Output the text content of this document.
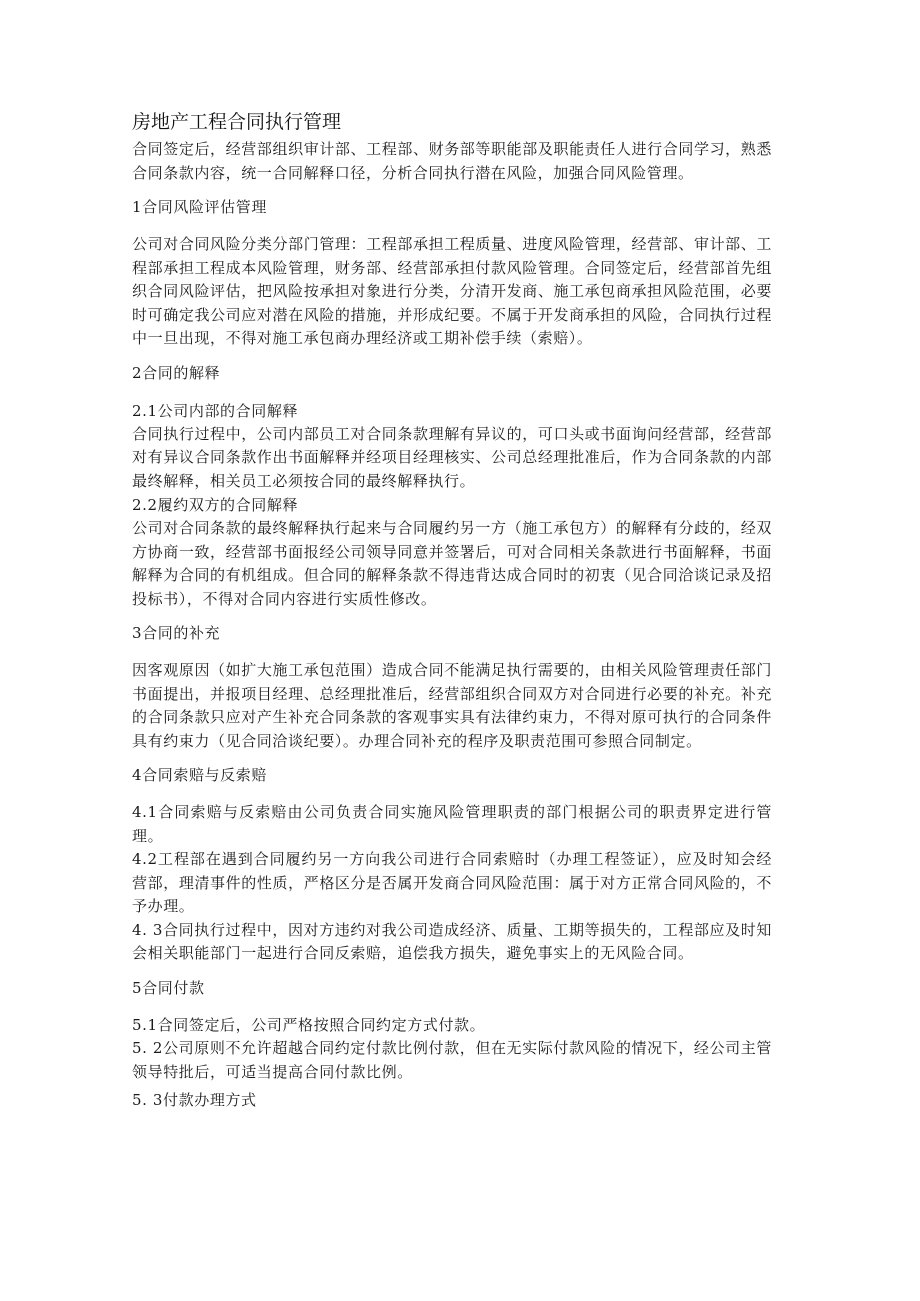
房地产工程合同执行管理

合同签定后，经营部组织审计部、工程部、财务部等职能部及职能责任人进行合同学习，熟悉合同条款内容，统一合同解释口径，分析合同执行潜在风险，加强合同风险管理。

1合同风险评估管理

公司对合同风险分类分部门管理：工程部承担工程质量、进度风险管理，经营部、审计部、工程部承担工程成本风险管理，财务部、经营部承担付款风险管理。合同签定后，经营部首先组织合同风险评估，把风险按承担对象进行分类，分清开发商、施工承包商承担风险范围，必要时可确定我公司应对潜在风险的措施，并形成纪要。不属于开发商承担的风险，合同执行过程中一旦出现，不得对施工承包商办理经济或工期补偿手续（索赔）。

2合同的解释

2.1公司内部的合同解释

合同执行过程中，公司内部员工对合同条款理解有异议的，可口头或书面询问经营部，经营部对有异议合同条款作出书面解释并经项目经理核实、公司总经理批准后，作为合同条款的内部最终解释，相关员工必须按合同的最终解释执行。

2.2履约双方的合同解释

公司对合同条款的最终解释执行起来与合同履约另一方（施工承包方）的解释有分歧的，经双方协商一致，经营部书面报经公司领导同意并签署后，可对合同相关条款进行书面解释，书面解释为合同的有机组成。但合同的解释条款不得违背达成合同时的初衷（见合同洽谈记录及招投标书），不得对合同内容进行实质性修改。

3合同的补充

因客观原因（如扩大施工承包范围）造成合同不能满足执行需要的，由相关风险管理责任部门书面提出，并报项目经理、总经理批准后，经营部组织合同双方对合同进行必要的补充。补充的合同条款只应对产生补充合同条款的客观事实具有法律约束力，不得对原可执行的合同条件具有约束力（见合同洽谈纪要）。办理合同补充的程序及职责范围可参照合同制定。

4合同索赔与反索赔

4.1合同索赔与反索赔由公司负责合同实施风险管理职责的部门根据公司的职责界定进行管理。

4.2工程部在遇到合同履约另一方向我公司进行合同索赔时（办理工程签证），应及时知会经营部，理清事件的性质，严格区分是否属开发商合同风险范围：属于对方正常合同风险的，不予办理。

4. 3合同执行过程中，因对方违约对我公司造成经济、质量、工期等损失的，工程部应及时知会相关职能部门一起进行合同反索赔，追偿我方损失，避免事实上的无风险合同。

5合同付款

5.1合同签定后，公司严格按照合同约定方式付款。

5. 2公司原则不允许超越合同约定付款比例付款，但在无实际付款风险的情况下，经公司主管领导特批后，可适当提高合同付款比例。

5. 3付款办理方式
